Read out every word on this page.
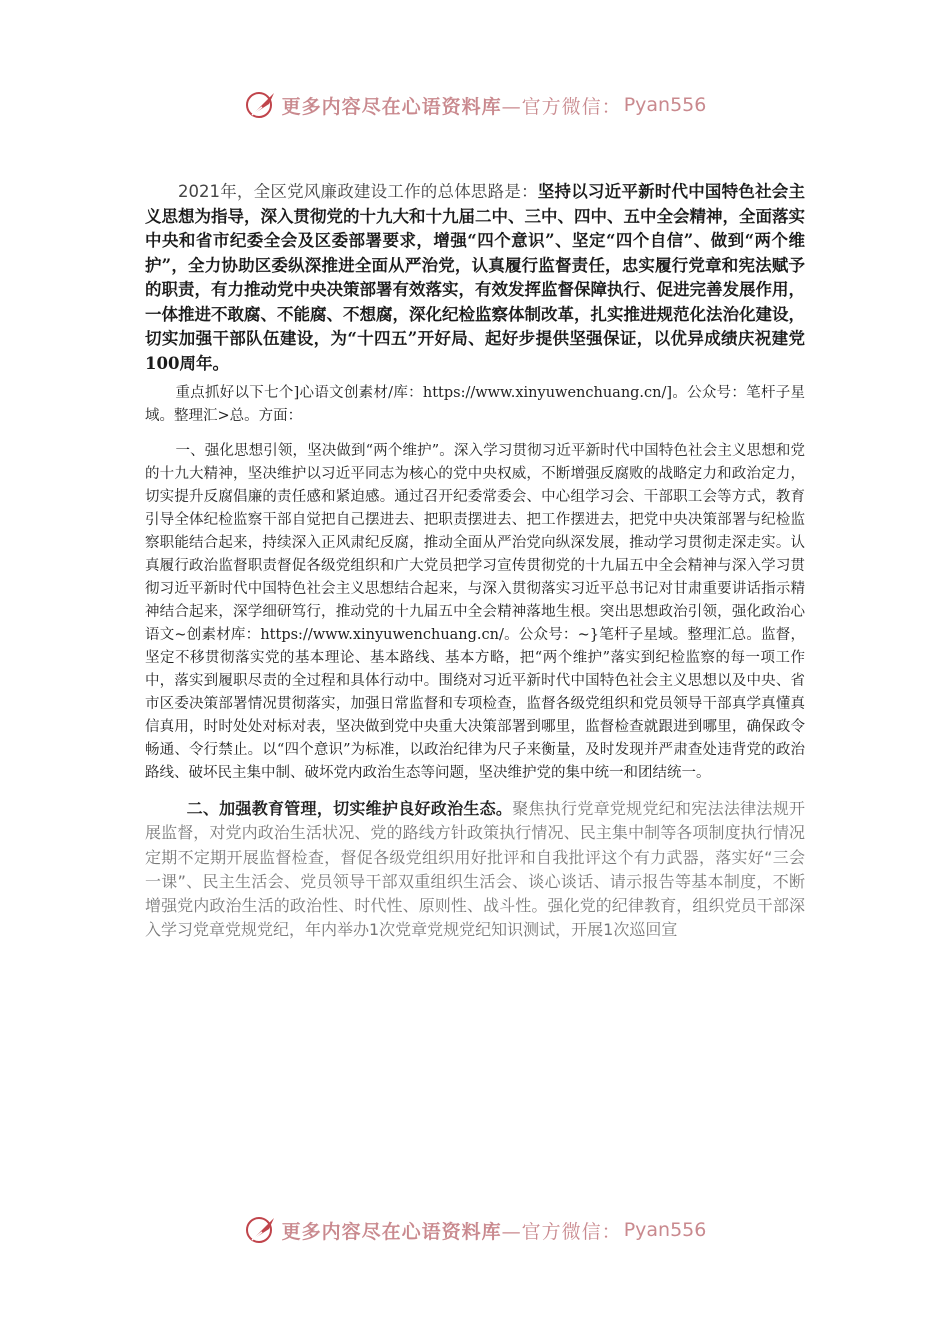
更多内容尽在心语资料库 —官方微信： Pyan556

2021年，全区党风廉政建设工作的总体思路是：坚持以习近平新时代中国特色社会主义思想为指导，深入贯彻党的十九大和十九届二中、三中、四中、五中全会精神，全面落实中央和省市纪委全会及区委部署要求，增强“四个意识”、坚定“四个自信”、做到“两个维护”，全力协助区委纵深推进全面从严治党，认真履行监督责任，忠实履行党章和宪法赋予的职责，有力推动党中央决策部署有效落实，有效发挥监督保障执行、促进完善发展作用，一体推进不敢腐、不能腐、不想腐，深化纪检监察体制改革，扎实推进规范化法治化建设，切实加强干部队伍建设，为“十四五”开好局、起好步提供坚强保证，以优异成绩庆祝建党100周年。

重点抓好以下七个]心语文创素材/库：https://www.xinyuwenchuang.cn/]。公众号：笔杆子星域。整理汇>总。方面：

一、强化思想引领，坚决做到“两个维护”。深入学习贯彻习近平新时代中国特色社会主义思想和党的十九大精神，坚决维护以习近平同志为核心的党中央权威，不断增强反腐败的战略定力和政治定力，切实提升反腐倡廉的责任感和紧迫感。通过召开纪委常委会、中心组学习会、干部职工会等方式，教育引导全体纪检监察干部自觉把自己摆进去、把职责摆进去、把工作摆进去，把党中央决策部署与纪检监察职能结合起来，持续深入正风肃纪反腐，推动全面从严治党向纵深发展，推动学习贯彻走深走实。认真履行政治监督职责督促各级党组织和广大党员把学习宣传贯彻党的十九届五中全会精神与深入学习贯彻习近平新时代中国特色社会主义思想结合起来，与深入贯彻落实习近平总书记对甘肃重要讲话指示精神结合起来，深学细研笃行，推动党的十九届五中全会精神落地生根。突出思想政治引领，强化政治心语文~创素材库：https://www.xinyuwenchuang.cn/。公众号：~}笔杆子星域。整理汇总。监督，坚定不移贯彻落实党的基本理论、基本路线、基本方略，把“两个维护”落实到纪检监察的每一项工作中，落实到履职尽责的全过程和具体行动中。围绕对习近平新时代中国特色社会主义思想以及中央、省市区委决策部署情况贯彻落实，加强日常监督和专项检查，监督各级党组织和党员领导干部真学真懂真信真用，时时处处对标对表，坚决做到党中央重大决策部署到哪里，监督检查就跟进到哪里，确保政令畅通、令行禁止。以“四个意识”为标准，以政治纪律为尺子来衡量，及时发现并严肃查处违背党的政治路线、破坏民主集中制、破坏党内政治生态等问题，坚决维护党的集中统一和团结统一。

二、加强教育管理，切实维护良好政治生态。聚焦执行党章党规党纪和宪法法律法规开展监督，对党内政治生活状况、党的路线方针政策执行情况、民主集中制等各项制度执行情况定期不定期开展监督检查，督促各级党组织用好批评和自我批评这个有力武器，落实好“三会一课”、民主生活会、党员领导干部双重组织生活会、谈心谈话、请示报告等基本制度，不断增强党内政治生活的政治性、时代性、原则性、战斗性。强化党的纪律教育，组织党员干部深入学习党章党规党纪，年内举办1次党章党规党纪知识测试，开展1次巡回宣

更多内容尽在心语资料库 —官方微信： Pyan556
